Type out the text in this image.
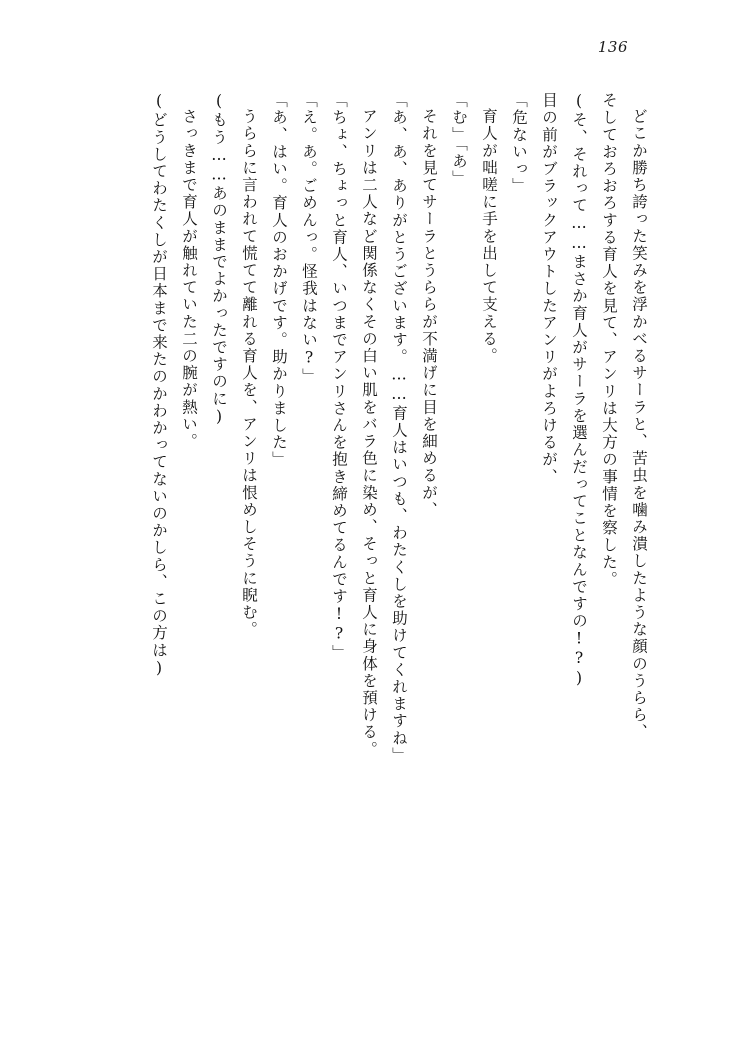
136

どこか勝ち誇った笑みを浮かべるサーラと、苦虫を噛み潰したような顔のうらら、

そしておろおろする育人を見て、アンリは大方の事情を察した。

(そ、それって……まさか育人がサーラを選んだってことなんですの!?)

目の前がブラックアウトしたアンリがよろけるが、

「危ないっ」

育人が咄嗟に手を出して支える。

「む」「あ」

それを見てサーラとうららが不満げに目を細めるが、

「あ、あ、ありがとうございます。……育人はいつも、わたくしを助けてくれますね」

アンリは二人など関係なくその白い肌をバラ色に染め、そっと育人に身体を預ける。

「ちょ、ちょっと育人、いつまでアンリさんを抱き締めてるんです!?」

「え。あ。ごめんっ。怪我はない?」

「あ、はい。育人のおかげです。助かりました」

うららに言われて慌てて離れる育人を、アンリは恨めしそうに睨む。

(もう……あのままでよかったですのに)

さっきまで育人が触れていた二の腕が熱い。

(どうしてわたくしが日本まで来たのかわかってないのかしら、この方は)
